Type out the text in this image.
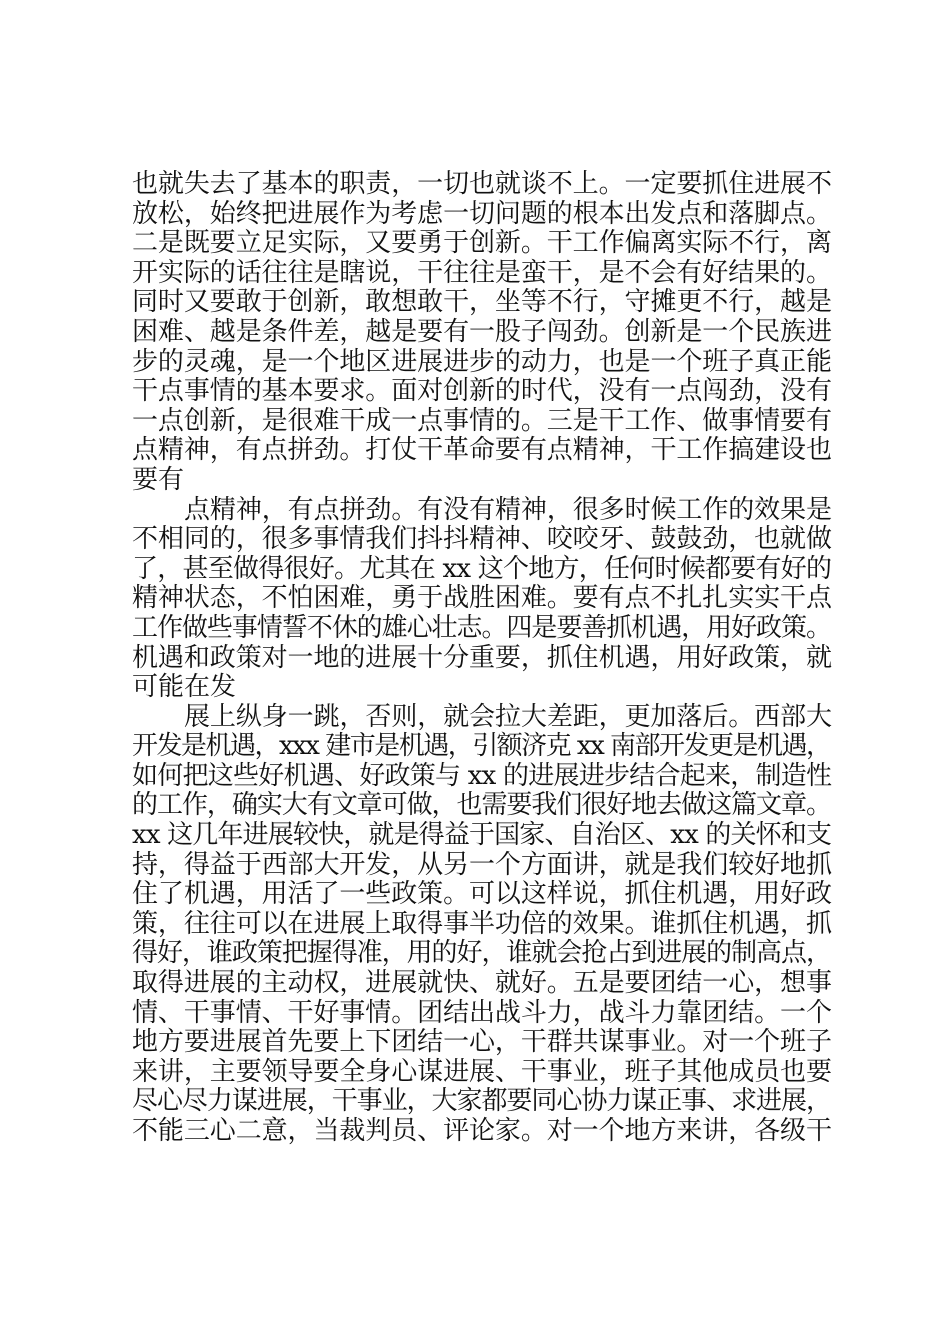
也就失去了基本的职责，一切也就谈不上。一定要抓住进展不
放松，始终把进展作为考虑一切问题的根本出发点和落脚点。
二是既要立足实际，又要勇于创新。干工作偏离实际不行，离
开实际的话往往是瞎说，干往往是蛮干，是不会有好结果的。
同时又要敢于创新，敢想敢干，坐等不行，守摊更不行，越是
困难、越是条件差，越是要有一股子闯劲。创新是一个民族进
步的灵魂，是一个地区进展进步的动力，也是一个班子真正能
干点事情的基本要求。面对创新的时代，没有一点闯劲，没有
一点创新，是很难干成一点事情的。三是干工作、做事情要有
点精神，有点拼劲。打仗干革命要有点精神，干工作搞建设也
要有
点精神，有点拼劲。有没有精神，很多时候工作的效果是
不相同的，很多事情我们抖抖精神、咬咬牙、鼓鼓劲，也就做
了，甚至做得很好。尤其在 xx 这个地方，任何时候都要有好的
精神状态，不怕困难，勇于战胜困难。要有点不扎扎实实干点
工作做些事情誓不休的雄心壮志。四是要善抓机遇，用好政策。
机遇和政策对一地的进展十分重要，抓住机遇，用好政策，就
可能在发
展上纵身一跳，否则，就会拉大差距，更加落后。西部大
开发是机遇，xxx 建市是机遇，引额济克 xx 南部开发更是机遇，
如何把这些好机遇、好政策与 xx 的进展进步结合起来，制造性
的工作，确实大有文章可做，也需要我们很好地去做这篇文章。
xx 这几年进展较快，就是得益于国家、自治区、xx 的关怀和支
持，得益于西部大开发，从另一个方面讲，就是我们较好地抓
住了机遇，用活了一些政策。可以这样说，抓住机遇，用好政
策，往往可以在进展上取得事半功倍的效果。谁抓住机遇，抓
得好，谁政策把握得准，用的好，谁就会抢占到进展的制高点，
取得进展的主动权，进展就快、就好。五是要团结一心，想事
情、干事情、干好事情。团结出战斗力，战斗力靠团结。一个
地方要进展首先要上下团结一心，干群共谋事业。对一个班子
来讲，主要领导要全身心谋进展、干事业，班子其他成员也要
尽心尽力谋进展，干事业，大家都要同心协力谋正事、求进展，
不能三心二意，当裁判员、评论家。对一个地方来讲，各级干
